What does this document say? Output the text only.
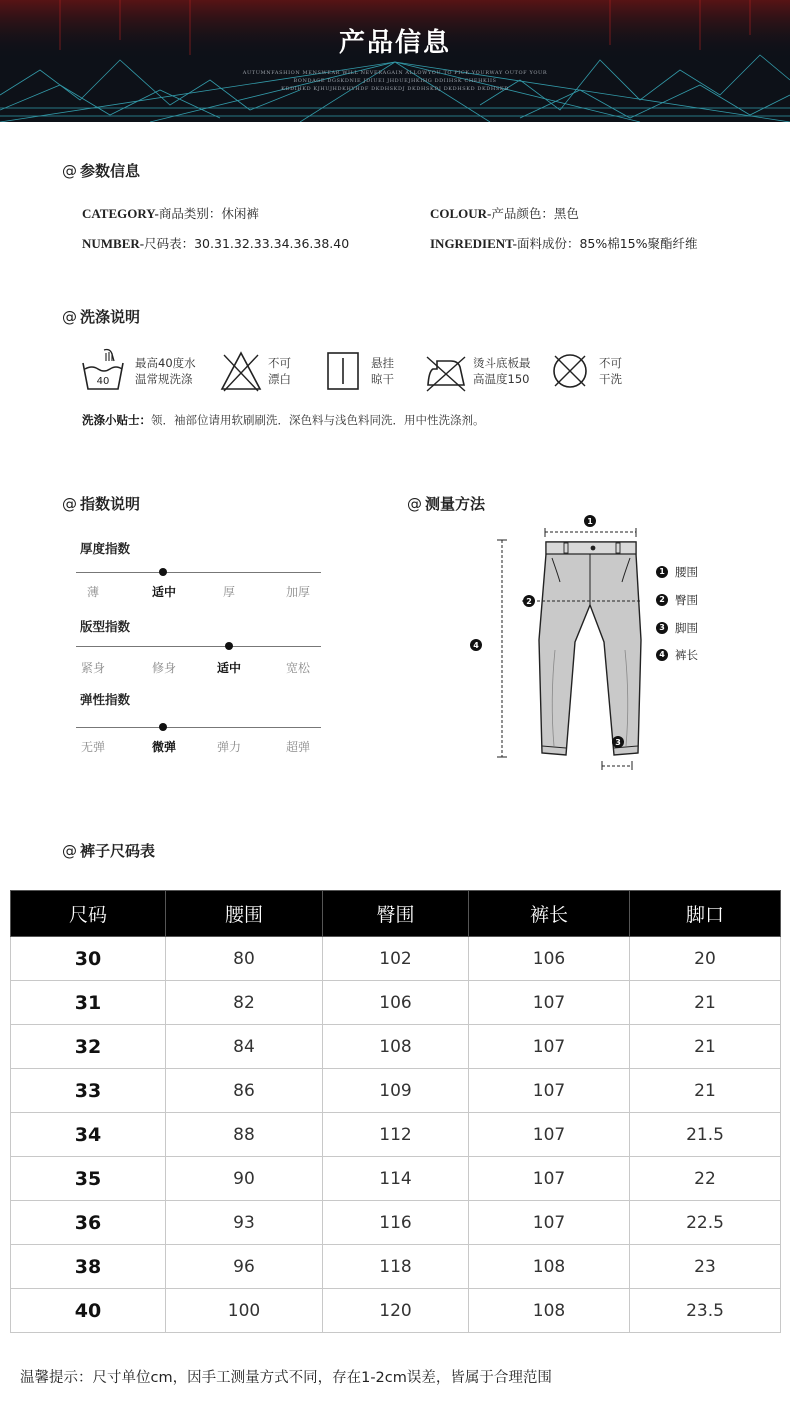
产品信息
AUTUMNFASHION MENSWEAR WILL NEVERAGAIN ALLOWYOU TO PICK YOURWAY OUTOF YOUR
BONDAGE DGSKDNIE JDIUEI JHDUEJHKIHG DDIIHSK CHEHKIIS
KDDIHKD KJHUJHDKHYHDF DKDHSKDJ DKDHSKDJ DKDHSKD DKDHSKD
@ 参数信息
CATEGORY-商品类别：休闲裤
NUMBER-尺码表：30.31.32.33.34.36.38.40
COLOUR-产品颜色：黑色
INGREDIENT-面料成份：85%棉15%聚酯纤维
@ 洗涤说明
40
最高40度水
温常规洗涤
不可
漂白
悬挂
晾干
烫斗底板最
高温度150
不可
干洗
洗涤小贴士：领．袖部位请用软刷刷洗．深色料与浅色料同洗．用中性洗涤剂。
@ 指数说明
厚度指数
薄	适中	厚	加厚
版型指数
紧身	修身	适中	宽松
弹性指数
无弹	微弹	弹力	超弹
@ 测量方法
1
4
2
3
1 腰围
2 臀围
3 脚围
4 裤长
@ 裤子尺码表
尺码	腰围	臀围	裤长	脚口
30	80	102	106	20
31	82	106	107	21
32	84	108	107	21
33	86	109	107	21
34	88	112	107	21.5
35	90	114	107	22
36	93	116	107	22.5
38	96	118	108	23
40	100	120	108	23.5
温馨提示：尺寸单位cm，因手工测量方式不同，存在1-2cm误差，皆属于合理范围
